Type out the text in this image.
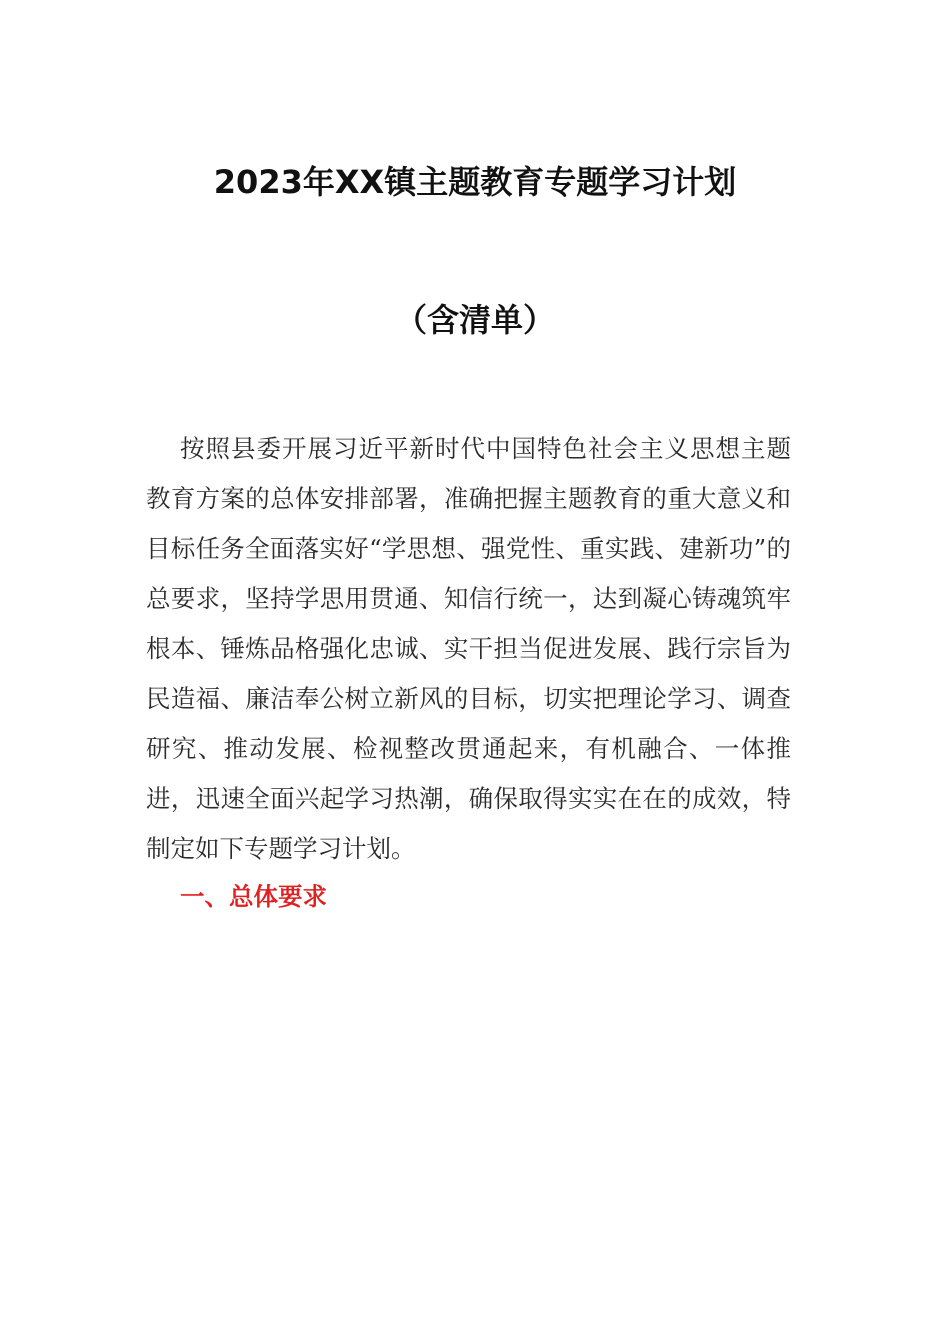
2023年XX镇主题教育专题学习计划
（含清单）

按照县委开展习近平新时代中国特色社会主义思想主题教育方案的总体安排部署，准确把握主题教育的重大意义和目标任务全面落实好“学思想、强党性、重实践、建新功”的总要求，坚持学思用贯通、知信行统一，达到凝心铸魂筑牢根本、锤炼品格强化忠诚、实干担当促进发展、践行宗旨为民造福、廉洁奉公树立新风的目标，切实把理论学习、调查研究、推动发展、检视整改贯通起来，有机融合、一体推进，迅速全面兴起学习热潮，确保取得实实在在的成效，特制定如下专题学习计划。

一、总体要求
